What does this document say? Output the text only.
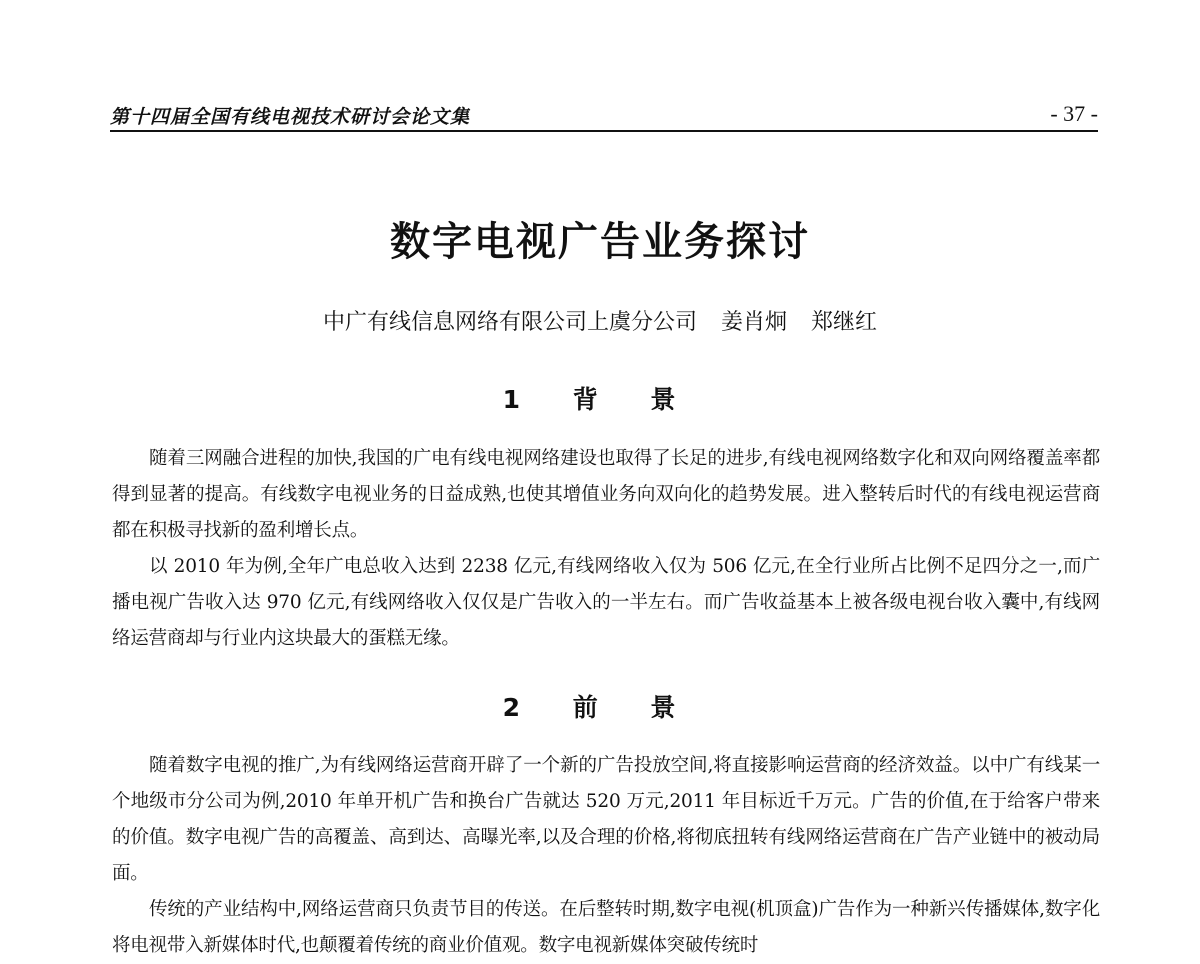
第十四届全国有线电视技术研讨会论文集	- 37 -
数字电视广告业务探讨
中广有线信息网络有限公司上虞分公司 姜肖炯 郑继红
1 背 景

随着三网融合进程的加快,我国的广电有线电视网络建设也取得了长足的进步,有线电视网络数字化和双向网络覆盖率都得到显著的提高。有线数字电视业务的日益成熟,也使其增值业务向双向化的趋势发展。进入整转后时代的有线电视运营商都在积极寻找新的盈利增长点。

以 2010 年为例,全年广电总收入达到 2238 亿元,有线网络收入仅为 506 亿元,在全行业所占比例不足四分之一,而广播电视广告收入达 970 亿元,有线网络收入仅仅是广告收入的一半左右。而广告收益基本上被各级电视台收入囊中,有线网络运营商却与行业内这块最大的蛋糕无缘。

2 前 景

随着数字电视的推广,为有线网络运营商开辟了一个新的广告投放空间,将直接影响运营商的经济效益。以中广有线某一个地级市分公司为例,2010 年单开机广告和换台广告就达 520 万元,2011 年目标近千万元。广告的价值,在于给客户带来的价值。数字电视广告的高覆盖、高到达、高曝光率,以及合理的价格,将彻底扭转有线网络运营商在广告产业链中的被动局面。

传统的产业结构中,网络运营商只负责节目的传送。在后整转时期,数字电视(机顶盒)广告作为一种新兴传播媒体,数字化将电视带入新媒体时代,也颠覆着传统的商业价值观。数字电视新媒体突破传统时
